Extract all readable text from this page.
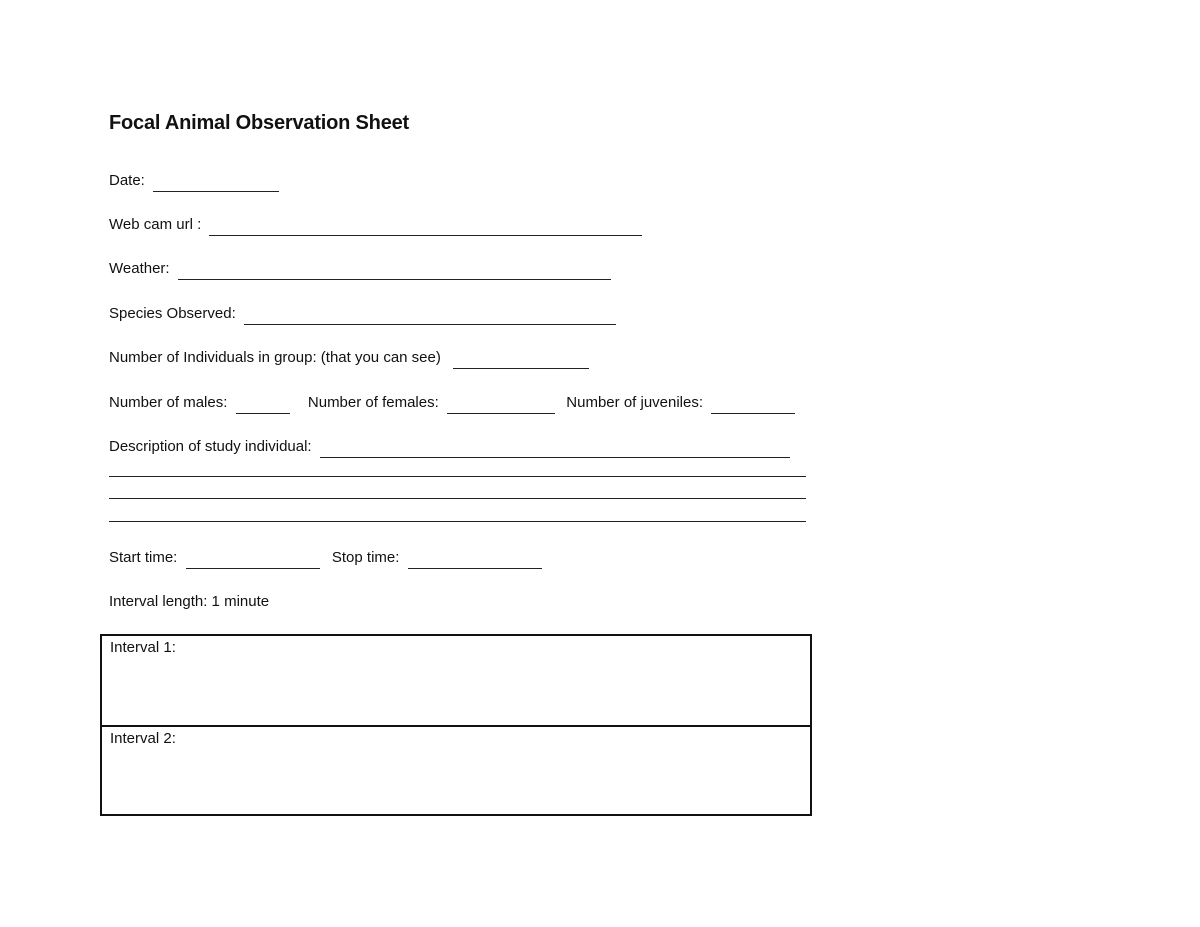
Focal Animal Observation Sheet
Date:
Web cam url :
Weather:
Species Observed:
Number of Individuals in group: (that you can see)
Number of males:	Number of females:	Number of juveniles:
Description of study individual:
Start time:	Stop time:
Interval length: 1 minute
Interval 1:
Interval 2:
